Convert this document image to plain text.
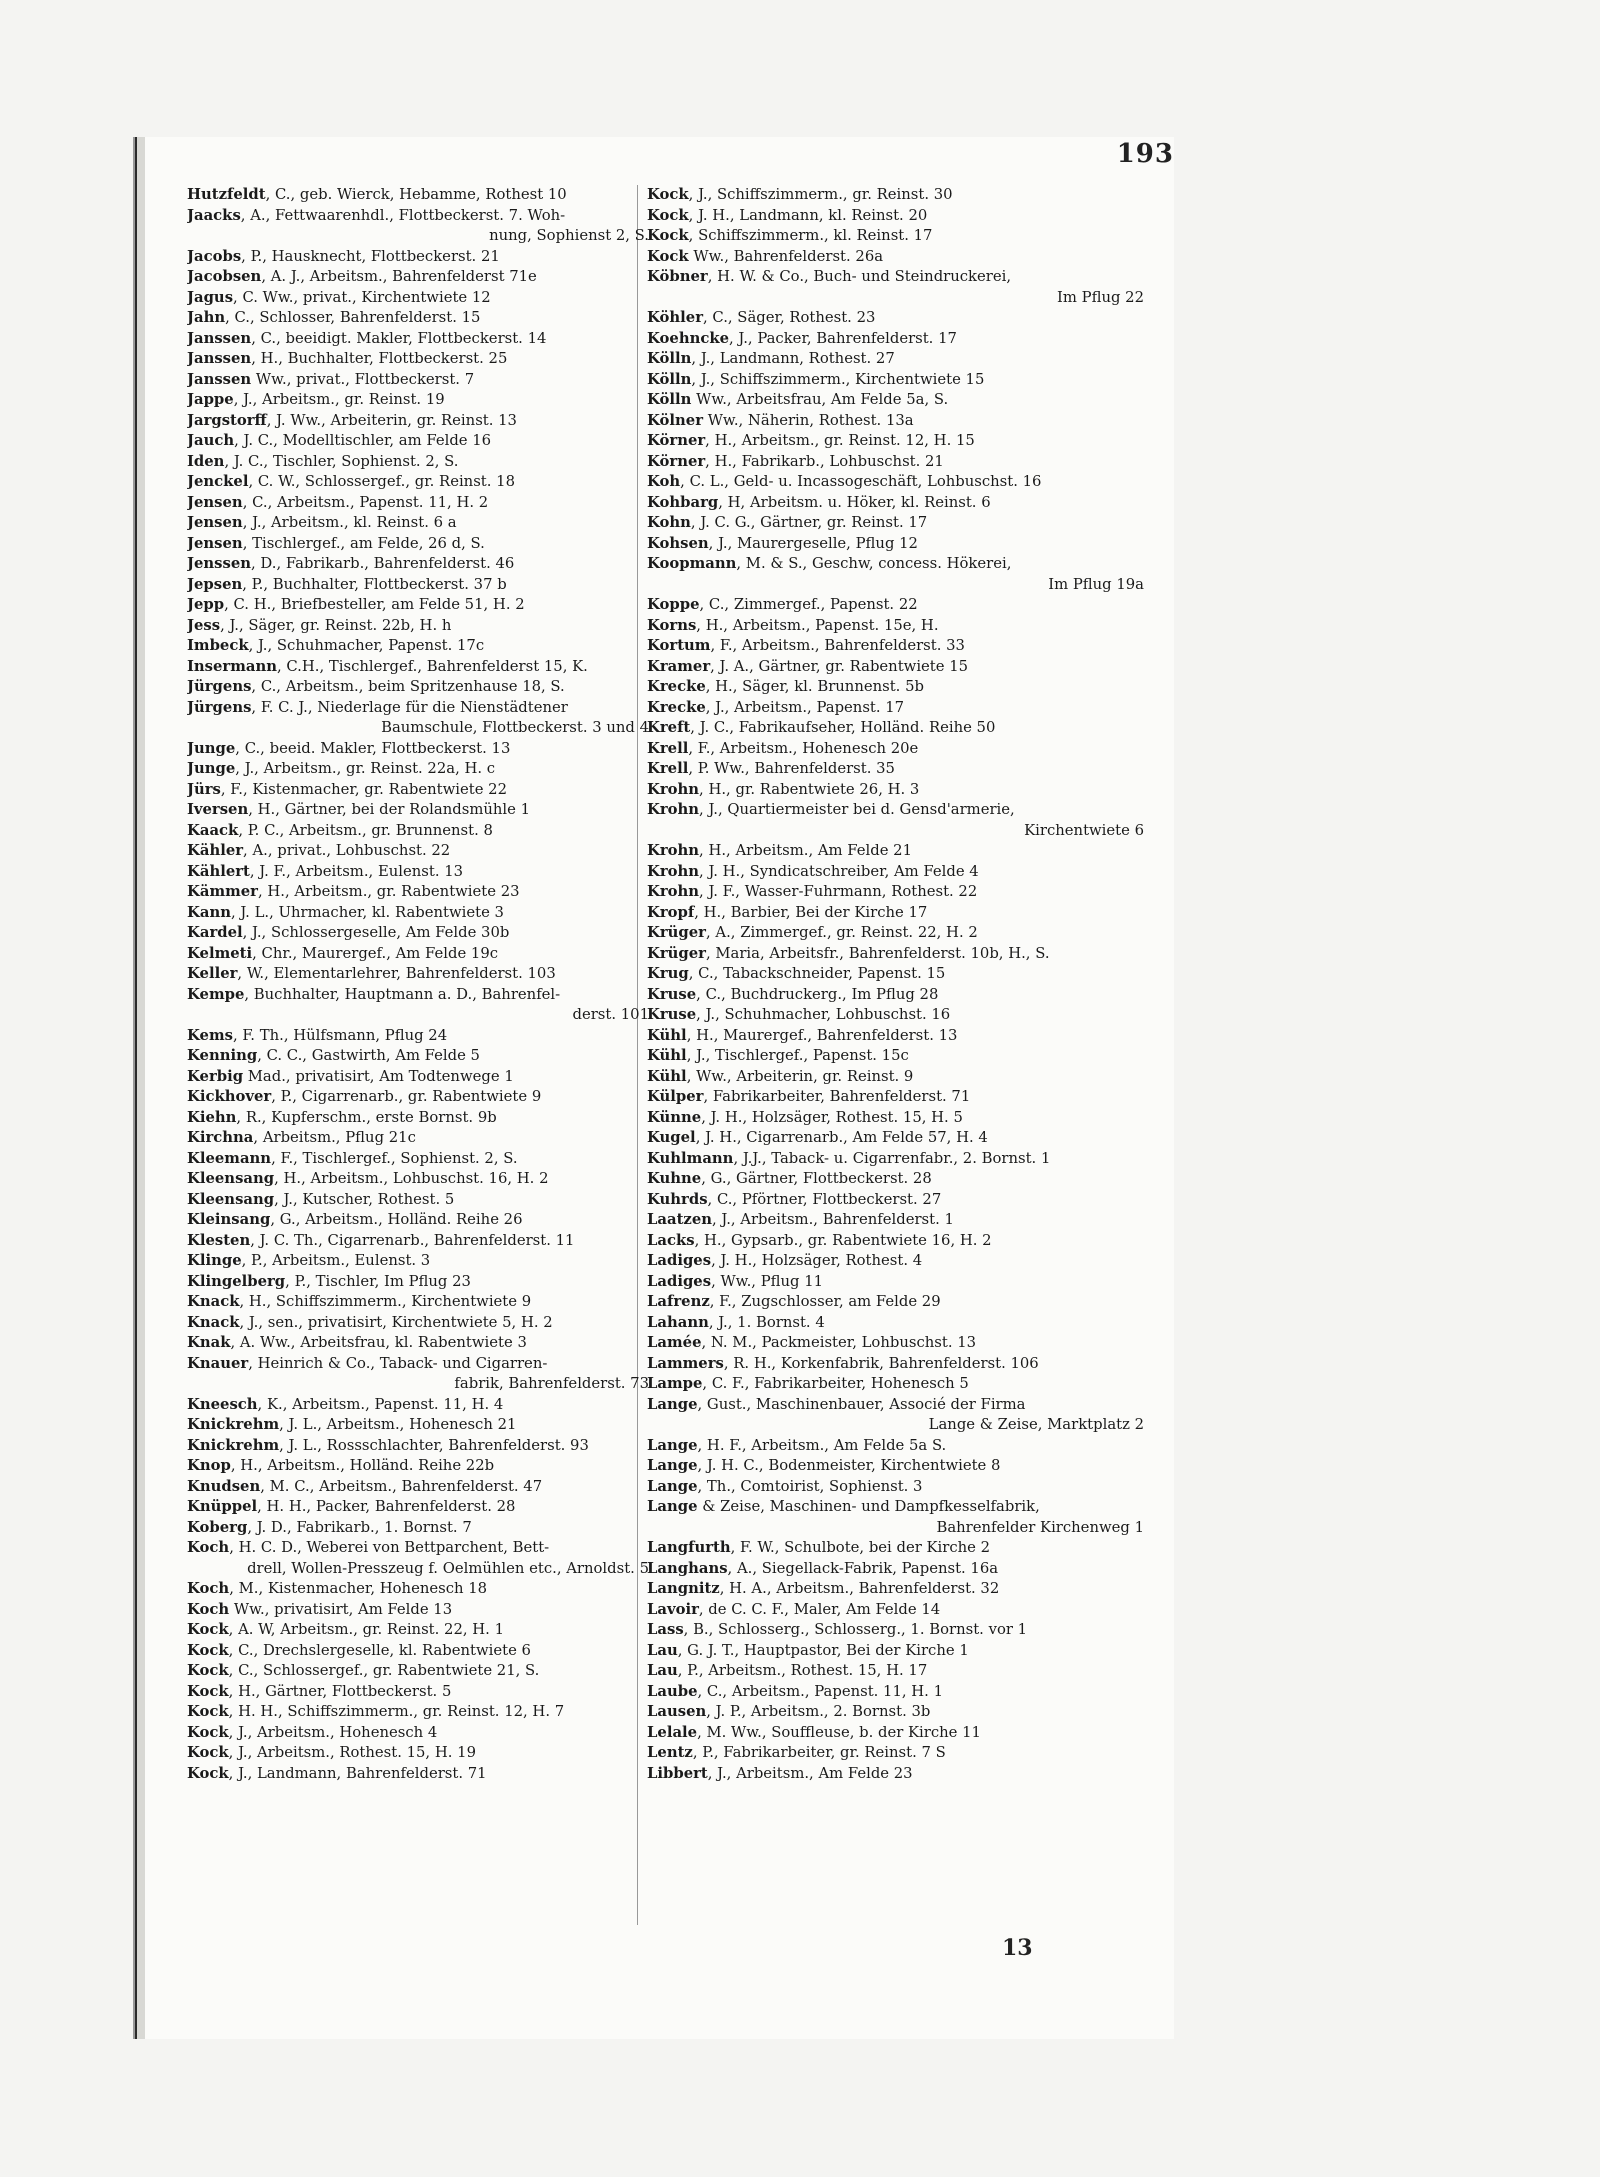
193
Hutzfeldt, C., geb. Wierck, Hebamme, Rothest 10
Jaacks, A., Fettwaarenhdl., Flottbeckerst. 7. Woh-
nung, Sophienst 2, S.
Jacobs, P., Hausknecht, Flottbeckerst. 21
Jacobsen, A. J., Arbeitsm., Bahrenfelderst 71e
Jagus, C. Ww., privat., Kirchentwiete 12
Jahn, C., Schlosser, Bahrenfelderst. 15
Janssen, C., beeidigt. Makler, Flottbeckerst. 14
Janssen, H., Buchhalter, Flottbeckerst. 25
Janssen Ww., privat., Flottbeckerst. 7
Jappe, J., Arbeitsm., gr. Reinst. 19
Jargstorff, J. Ww., Arbeiterin, gr. Reinst. 13
Jauch, J. C., Modelltischler, am Felde 16
Iden, J. C., Tischler, Sophienst. 2, S.
Jenckel, C. W., Schlossergef., gr. Reinst. 18
Jensen, C., Arbeitsm., Papenst. 11, H. 2
Jensen, J., Arbeitsm., kl. Reinst. 6 a
Jensen, Tischlergef., am Felde, 26 d, S.
Jenssen, D., Fabrikarb., Bahrenfelderst. 46
Jepsen, P., Buchhalter, Flottbeckerst. 37 b
Jepp, C. H., Briefbesteller, am Felde 51, H. 2
Jess, J., Säger, gr. Reinst. 22b, H. h
Imbeck, J., Schuhmacher, Papenst. 17c
Insermann, C.H., Tischlergef., Bahrenfelderst 15, K.
Jürgens, C., Arbeitsm., beim Spritzenhause 18, S.
Jürgens, F. C. J., Niederlage für die Nienstädtener
Baumschule, Flottbeckerst. 3 und 4
Junge, C., beeid. Makler, Flottbeckerst. 13
Junge, J., Arbeitsm., gr. Reinst. 22a, H. c
Jürs, F., Kistenmacher, gr. Rabentwiete 22
Iversen, H., Gärtner, bei der Rolandsmühle 1
Kaack, P. C., Arbeitsm., gr. Brunnenst. 8
Kähler, A., privat., Lohbuschst. 22
Kählert, J. F., Arbeitsm., Eulenst. 13
Kämmer, H., Arbeitsm., gr. Rabentwiete 23
Kann, J. L., Uhrmacher, kl. Rabentwiete 3
Kardel, J., Schlossergeselle, Am Felde 30b
Kelmeti, Chr., Maurergef., Am Felde 19c
Keller, W., Elementarlehrer, Bahrenfelderst. 103
Kempe, Buchhalter, Hauptmann a. D., Bahrenfel-
derst. 101
Kems, F. Th., Hülfsmann, Pflug 24
Kenning, C. C., Gastwirth, Am Felde 5
Kerbig Mad., privatisirt, Am Todtenwege 1
Kickhover, P., Cigarrenarb., gr. Rabentwiete 9
Kiehn, R., Kupferschm., erste Bornst. 9b
Kirchna, Arbeitsm., Pflug 21c
Kleemann, F., Tischlergef., Sophienst. 2, S.
Kleensang, H., Arbeitsm., Lohbuschst. 16, H. 2
Kleensang, J., Kutscher, Rothest. 5
Kleinsang, G., Arbeitsm., Holländ. Reihe 26
Klesten, J. C. Th., Cigarrenarb., Bahrenfelderst. 11
Klinge, P., Arbeitsm., Eulenst. 3
Klingelberg, P., Tischler, Im Pflug 23
Knack, H., Schiffszimmerm., Kirchentwiete 9
Knack, J., sen., privatisirt, Kirchentwiete 5, H. 2
Knak, A. Ww., Arbeitsfrau, kl. Rabentwiete 3
Knauer, Heinrich & Co., Taback- und Cigarren-
fabrik, Bahrenfelderst. 73
Kneesch, K., Arbeitsm., Papenst. 11, H. 4
Knickrehm, J. L., Arbeitsm., Hohenesch 21
Knickrehm, J. L., Rossschlachter, Bahrenfelderst. 93
Knop, H., Arbeitsm., Holländ. Reihe 22b
Knudsen, M. C., Arbeitsm., Bahrenfelderst. 47
Knüppel, H. H., Packer, Bahrenfelderst. 28
Koberg, J. D., Fabrikarb., 1. Bornst. 7
Koch, H. C. D., Weberei von Bettparchent, Bett-
drell, Wollen-Presszeug f. Oelmühlen etc., Arnoldst. 5
Koch, M., Kistenmacher, Hohenesch 18
Koch Ww., privatisirt, Am Felde 13
Kock, A. W, Arbeitsm., gr. Reinst. 22, H. 1
Kock, C., Drechslergeselle, kl. Rabentwiete 6
Kock, C., Schlossergef., gr. Rabentwiete 21, S.
Kock, H., Gärtner, Flottbeckerst. 5
Kock, H. H., Schiffszimmerm., gr. Reinst. 12, H. 7
Kock, J., Arbeitsm., Hohenesch 4
Kock, J., Arbeitsm., Rothest. 15, H. 19
Kock, J., Landmann, Bahrenfelderst. 71
Kock, J., Schiffszimmerm., gr. Reinst. 30
Kock, J. H., Landmann, kl. Reinst. 20
Kock, Schiffszimmerm., kl. Reinst. 17
Kock Ww., Bahrenfelderst. 26a
Köbner, H. W. & Co., Buch- und Steindruckerei,
Im Pflug 22
Köhler, C., Säger, Rothest. 23
Koehncke, J., Packer, Bahrenfelderst. 17
Kölln, J., Landmann, Rothest. 27
Kölln, J., Schiffszimmerm., Kirchentwiete 15
Kölln Ww., Arbeitsfrau, Am Felde 5a, S.
Kölner Ww., Näherin, Rothest. 13a
Körner, H., Arbeitsm., gr. Reinst. 12, H. 15
Körner, H., Fabrikarb., Lohbuschst. 21
Koh, C. L., Geld- u. Incassogeschäft, Lohbuschst. 16
Kohbarg, H, Arbeitsm. u. Höker, kl. Reinst. 6
Kohn, J. C. G., Gärtner, gr. Reinst. 17
Kohsen, J., Maurergeselle, Pflug 12
Koopmann, M. & S., Geschw, concess. Hökerei,
Im Pflug 19a
Koppe, C., Zimmergef., Papenst. 22
Korns, H., Arbeitsm., Papenst. 15e, H.
Kortum, F., Arbeitsm., Bahrenfelderst. 33
Kramer, J. A., Gärtner, gr. Rabentwiete 15
Krecke, H., Säger, kl. Brunnenst. 5b
Krecke, J., Arbeitsm., Papenst. 17
Kreft, J. C., Fabrikaufseher, Holländ. Reihe 50
Krell, F., Arbeitsm., Hohenesch 20e
Krell, P. Ww., Bahrenfelderst. 35
Krohn, H., gr. Rabentwiete 26, H. 3
Krohn, J., Quartiermeister bei d. Gensd'armerie,
Kirchentwiete 6
Krohn, H., Arbeitsm., Am Felde 21
Krohn, J. H., Syndicatschreiber, Am Felde 4
Krohn, J. F., Wasser-Fuhrmann, Rothest. 22
Kropf, H., Barbier, Bei der Kirche 17
Krüger, A., Zimmergef., gr. Reinst. 22, H. 2
Krüger, Maria, Arbeitsfr., Bahrenfelderst. 10b, H., S.
Krug, C., Tabackschneider, Papenst. 15
Kruse, C., Buchdruckerg., Im Pflug 28
Kruse, J., Schuhmacher, Lohbuschst. 16
Kühl, H., Maurergef., Bahrenfelderst. 13
Kühl, J., Tischlergef., Papenst. 15c
Kühl, Ww., Arbeiterin, gr. Reinst. 9
Külper, Fabrikarbeiter, Bahrenfelderst. 71
Künne, J. H., Holzsäger, Rothest. 15, H. 5
Kugel, J. H., Cigarrenarb., Am Felde 57, H. 4
Kuhlmann, J.J., Taback- u. Cigarrenfabr., 2. Bornst. 1
Kuhne, G., Gärtner, Flottbeckerst. 28
Kuhrds, C., Pförtner, Flottbeckerst. 27
Laatzen, J., Arbeitsm., Bahrenfelderst. 1
Lacks, H., Gypsarb., gr. Rabentwiete 16, H. 2
Ladiges, J. H., Holzsäger, Rothest. 4
Ladiges, Ww., Pflug 11
Lafrenz, F., Zugschlosser, am Felde 29
Lahann, J., 1. Bornst. 4
Lamée, N. M., Packmeister, Lohbuschst. 13
Lammers, R. H., Korkenfabrik, Bahrenfelderst. 106
Lampe, C. F., Fabrikarbeiter, Hohenesch 5
Lange, Gust., Maschinenbauer, Associé der Firma
Lange & Zeise, Marktplatz 2
Lange, H. F., Arbeitsm., Am Felde 5a S.
Lange, J. H. C., Bodenmeister, Kirchentwiete 8
Lange, Th., Comtoirist, Sophienst. 3
Lange & Zeise, Maschinen- und Dampfkesselfabrik,
Bahrenfelder Kirchenweg 1
Langfurth, F. W., Schulbote, bei der Kirche 2
Langhans, A., Siegellack-Fabrik, Papenst. 16a
Langnitz, H. A., Arbeitsm., Bahrenfelderst. 32
Lavoir, de C. C. F., Maler, Am Felde 14
Lass, B., Schlosserg., Schlosserg., 1. Bornst. vor 1
Lau, G. J. T., Hauptpastor, Bei der Kirche 1
Lau, P., Arbeitsm., Rothest. 15, H. 17
Laube, C., Arbeitsm., Papenst. 11, H. 1
Lausen, J. P., Arbeitsm., 2. Bornst. 3b
Lelale, M. Ww., Souffleuse, b. der Kirche 11
Lentz, P., Fabrikarbeiter, gr. Reinst. 7 S
Libbert, J., Arbeitsm., Am Felde 23
13
